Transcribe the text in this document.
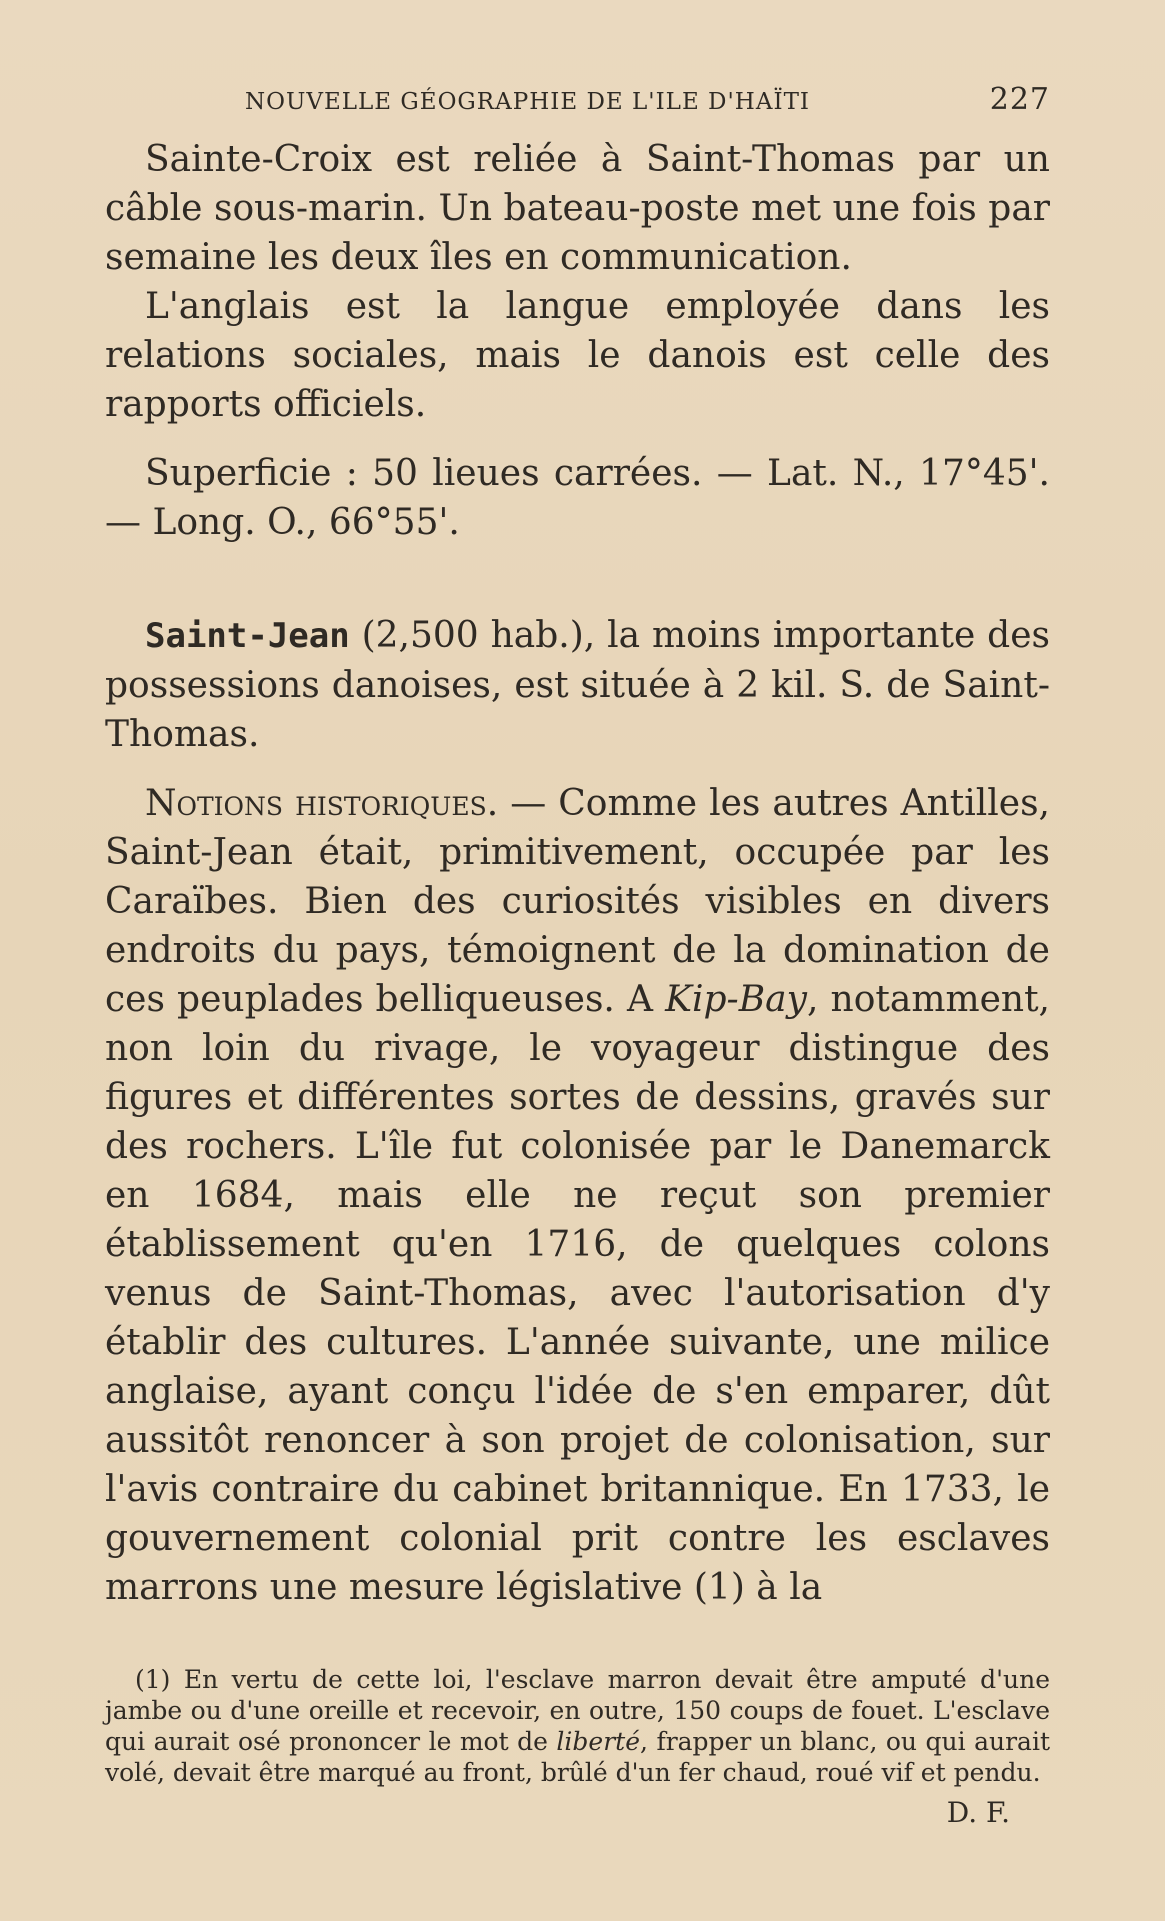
NOUVELLE GÉOGRAPHIE DE L'ILE D'HAÏTI	227

Sainte-Croix est reliée à Saint-Thomas par un câble sous-marin. Un bateau-poste met une fois par semaine les deux îles en communication.

L'anglais est la langue employée dans les relations sociales, mais le danois est celle des rapports officiels.

Superficie : 50 lieues carrées. — Lat. N., 17°45'. — Long. O., 66°55'.

Saint-Jean (2,500 hab.), la moins importante des possessions danoises, est située à 2 kil. S. de Saint-Thomas.

Notions historiques. — Comme les autres Antilles, Saint-Jean était, primitivement, occupée par les Caraïbes. Bien des curiosités visibles en divers endroits du pays, témoignent de la domination de ces peuplades belliqueuses. A Kip-Bay, notamment, non loin du rivage, le voyageur distingue des figures et différentes sortes de dessins, gravés sur des rochers. L'île fut colonisée par le Danemarck en 1684, mais elle ne reçut son premier établissement qu'en 1716, de quelques colons venus de Saint-Thomas, avec l'autorisation d'y établir des cultures. L'année suivante, une milice anglaise, ayant conçu l'idée de s'en emparer, dût aussitôt renoncer à son projet de colonisation, sur l'avis contraire du cabinet britannique. En 1733, le gouvernement colonial prit contre les esclaves marrons une mesure législative (1) à la

(1) En vertu de cette loi, l'esclave marron devait être amputé d'une jambe ou d'une oreille et recevoir, en outre, 150 coups de fouet. L'esclave qui aurait osé prononcer le mot de liberté, frapper un blanc, ou qui aurait volé, devait être marqué au front, brûlé d'un fer chaud, roué vif et pendu.
D. F.
